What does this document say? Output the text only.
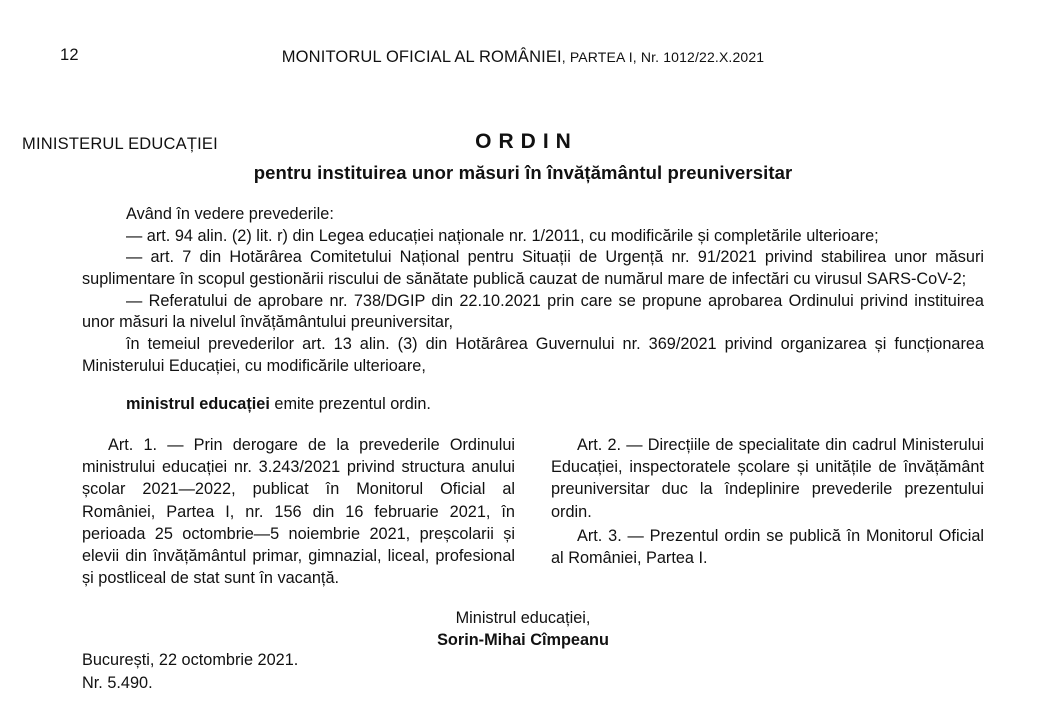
12	MONITORUL OFICIAL AL ROMÂNIEI, PARTEA I, Nr. 1012/22.X.2021
MINISTERUL EDUCAȚIEI	ORDIN
pentru instituirea unor măsuri în învățământul preuniversitar

Având în vedere prevederile:

— art. 94 alin. (2) lit. r) din Legea educației naționale nr. 1/2011, cu modificările și completările ulterioare;

— art. 7 din Hotărârea Comitetului Național pentru Situații de Urgență nr. 91/2021 privind stabilirea unor măsuri suplimentare în scopul gestionării riscului de sănătate publică cauzat de numărul mare de infectări cu virusul SARS-CoV-2;

— Referatului de aprobare nr. 738/DGIP din 22.10.2021 prin care se propune aprobarea Ordinului privind instituirea unor măsuri la nivelul învățământului preuniversitar,

în temeiul prevederilor art. 13 alin. (3) din Hotărârea Guvernului nr. 369/2021 privind organizarea și funcționarea Ministerului Educației, cu modificările ulterioare,

ministrul educației emite prezentul ordin.

Art. 1. — Prin derogare de la prevederile Ordinului ministrului educației nr. 3.243/2021 privind structura anului școlar 2021—2022, publicat în Monitorul Oficial al României, Partea I, nr. 156 din 16 februarie 2021, în perioada 25 octombrie—5 noiembrie 2021, preșcolarii și elevii din învățământul primar, gimnazial, liceal, profesional și postliceal de stat sunt în vacanță.

Art. 2. — Direcțiile de specialitate din cadrul Ministerului Educației, inspectoratele școlare și unitățile de învățământ preuniversitar duc la îndeplinire prevederile prezentului ordin.

Art. 3. — Prezentul ordin se publică în Monitorul Oficial al României, Partea I.

Ministrul educației,
Sorin-Mihai Cîmpeanu
București, 22 octombrie 2021.
Nr. 5.490.
